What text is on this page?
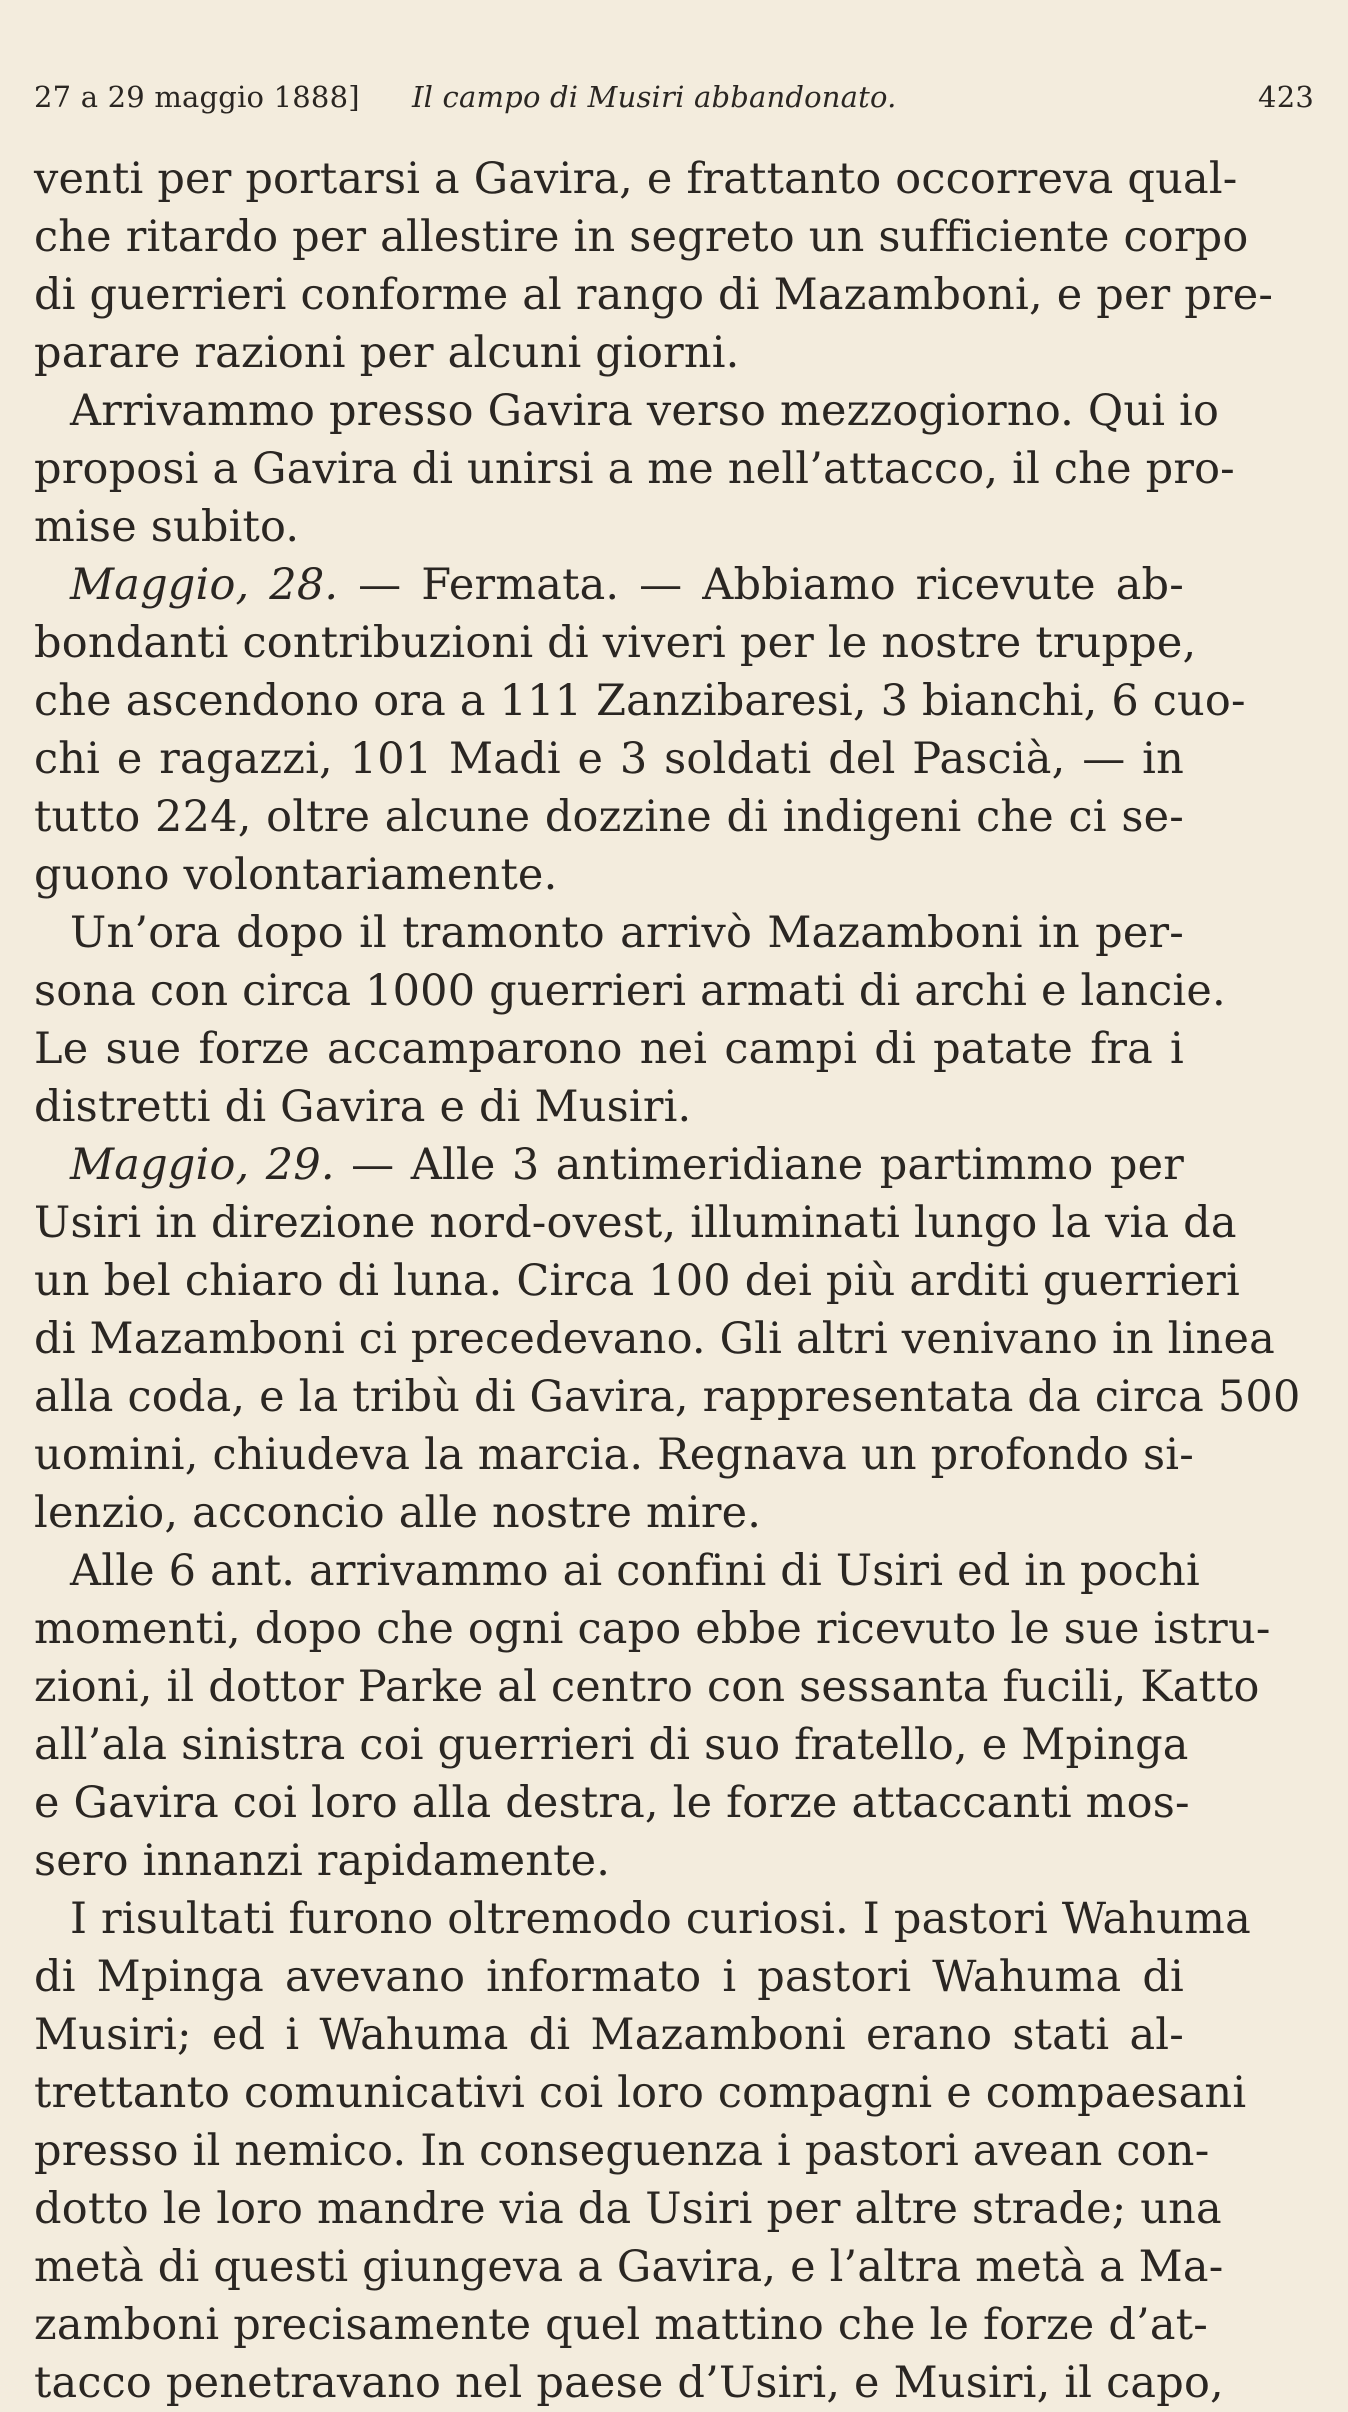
27 a 29 maggio 1888] Il campo di Musiri abbandonato.	423
venti per portarsi a Gavira, e frattanto occorreva qual-
che ritardo per allestire in segreto un sufficiente corpo
di guerrieri conforme al rango di Mazamboni, e per pre-
parare razioni per alcuni giorni.
Arrivammo presso Gavira verso mezzogiorno. Qui io
proposi a Gavira di unirsi a me nell’attacco, il che pro-
mise subito.
Maggio, 28. — Fermata. — Abbiamo ricevute ab-
bondanti contribuzioni di viveri per le nostre truppe,
che ascendono ora a 111 Zanzibaresi, 3 bianchi, 6 cuo-
chi e ragazzi, 101 Madi e 3 soldati del Pascià, — in
tutto 224, oltre alcune dozzine di indigeni che ci se-
guono volontariamente.
Un’ora dopo il tramonto arrivò Mazamboni in per-
sona con circa 1000 guerrieri armati di archi e lancie.
Le sue forze accamparono nei campi di patate fra i
distretti di Gavira e di Musiri.
Maggio, 29. — Alle 3 antimeridiane partimmo per
Usiri in direzione nord-ovest, illuminati lungo la via da
un bel chiaro di luna. Circa 100 dei più arditi guerrieri
di Mazamboni ci precedevano. Gli altri venivano in linea
alla coda, e la tribù di Gavira, rappresentata da circa 500
uomini, chiudeva la marcia. Regnava un profondo si-
lenzio, acconcio alle nostre mire.
Alle 6 ant. arrivammo ai confini di Usiri ed in pochi
momenti, dopo che ogni capo ebbe ricevuto le sue istru-
zioni, il dottor Parke al centro con sessanta fucili, Katto
all’ala sinistra coi guerrieri di suo fratello, e Mpinga
e Gavira coi loro alla destra, le forze attaccanti mos-
sero innanzi rapidamente.
I risultati furono oltremodo curiosi. I pastori Wahuma
di Mpinga avevano informato i pastori Wahuma di
Musiri; ed i Wahuma di Mazamboni erano stati al-
trettanto comunicativi coi loro compagni e compaesani
presso il nemico. In conseguenza i pastori avean con-
dotto le loro mandre via da Usiri per altre strade; una
metà di questi giungeva a Gavira, e l’altra metà a Ma-
zamboni precisamente quel mattino che le forze d’at-
tacco penetravano nel paese d’Usiri, e Musiri, il capo,
